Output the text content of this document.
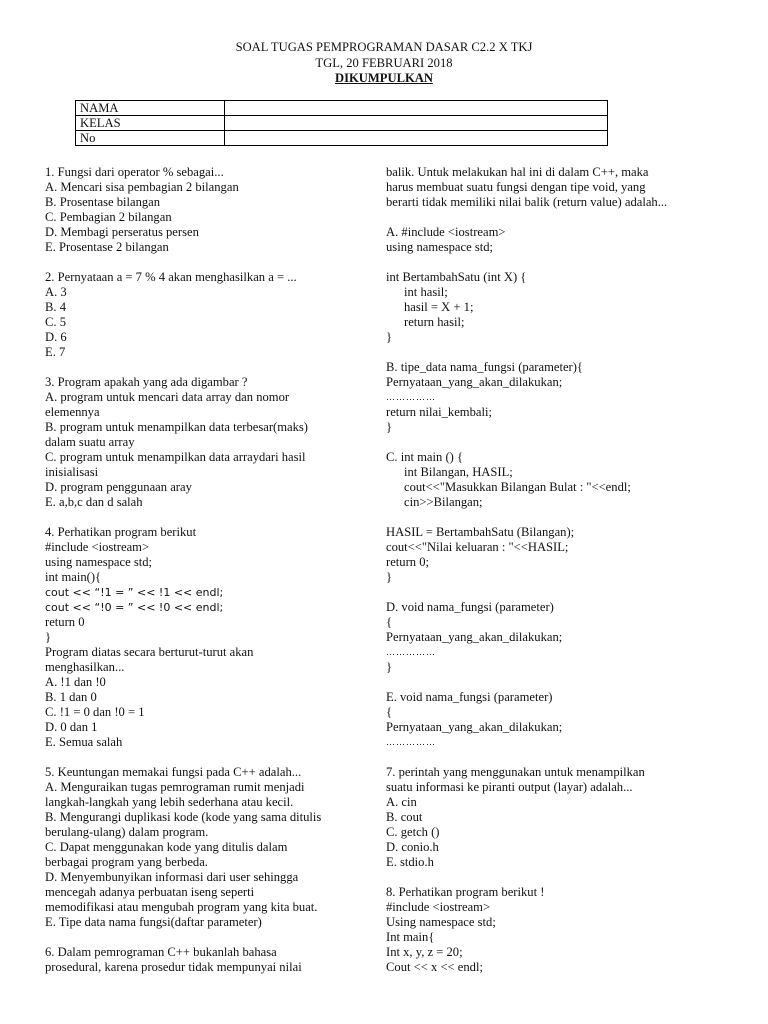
SOAL TUGAS PEMPROGRAMAN DASAR C2.2 X TKJ
TGL, 20 FEBRUARI 2018
DIKUMPULKAN
NAMA	
KELAS	
No	
1. Fungsi dari operator % sebagai...
A. Mencari sisa pembagian 2 bilangan
B. Prosentase bilangan
C. Pembagian 2 bilangan
D. Membagi perseratus persen
E. Prosentase 2 bilangan
2. Pernyataan a = 7 % 4 akan menghasilkan a = ...
A. 3
B. 4
C. 5
D. 6
E. 7
3. Program apakah yang ada digambar ?
A. program untuk mencari data array dan nomor
elemennya
B. program untuk menampilkan data terbesar(maks)
dalam suatu array
C. program untuk menampilkan data arraydari hasil
inisialisasi
D. program penggunaan aray
E. a,b,c dan d salah
4. Perhatikan program berikut
#include <iostream>
using namespace std;
int main(){
cout << “!1 = ” << !1 << endl;
cout << “!0 = ” << !0 << endl;
return 0
}
Program diatas secara berturut-turut akan
menghasilkan...
A. !1 dan !0
B. 1 dan 0
C. !1 = 0 dan !0 = 1
D. 0 dan 1
E. Semua salah
5. Keuntungan memakai fungsi pada C++ adalah...
A. Menguraikan tugas pemrograman rumit menjadi
langkah-langkah yang lebih sederhana atau kecil.
B. Mengurangi duplikasi kode (kode yang sama ditulis
berulang-ulang) dalam program.
C. Dapat menggunakan kode yang ditulis dalam
berbagai program yang berbeda.
D. Menyembunyikan informasi dari user sehingga
mencegah adanya perbuatan iseng seperti
memodifikasi atau mengubah program yang kita buat.
E. Tipe data nama fungsi(daftar parameter)
6. Dalam pemrograman C++ bukanlah bahasa
prosedural, karena prosedur tidak mempunyai nilai
balik. Untuk melakukan hal ini di dalam C++, maka
harus membuat suatu fungsi dengan tipe void, yang
berarti tidak memiliki nilai balik (return value) adalah...
A. #include <iostream>
using namespace std;
int BertambahSatu (int X) {
int hasil;
hasil = X + 1;
return hasil;
}
B. tipe_data nama_fungsi (parameter){
Pernyataan_yang_akan_dilakukan;
……………
return nilai_kembali;
}
C. int main () {
int Bilangan, HASIL;
cout<<"Masukkan Bilangan Bulat : "<<endl;
cin>>Bilangan;
HASIL = BertambahSatu (Bilangan);
cout<<"Nilai keluaran : "<<HASIL;
return 0;
}
D. void nama_fungsi (parameter)
{
Pernyataan_yang_akan_dilakukan;
……………
}
E. void nama_fungsi (parameter)
{
Pernyataan_yang_akan_dilakukan;
……………
7. perintah yang menggunakan untuk menampilkan
suatu informasi ke piranti output (layar) adalah...
A. cin
B. cout
C. getch ()
D. conio.h
E. stdio.h
8. Perhatikan program berikut !
#include <iostream>
Using namespace std;
Int main{
Int x, y, z = 20;
Cout << x << endl;
